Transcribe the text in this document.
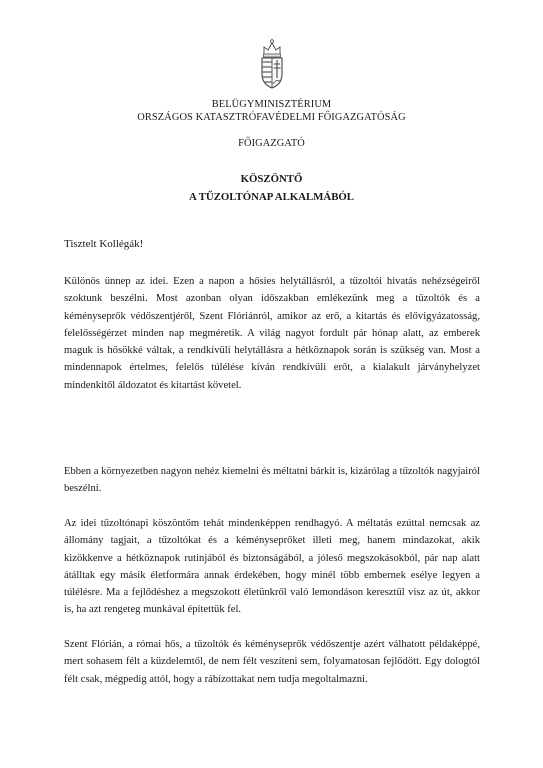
BELÜGYMINISZTÉRIUM
ORSZÁGOS KATASZTRÓFAVÉDELMI FŐIGAZGATÓSÁG
FŐIGAZGATÓ
KÖSZÖNTŐ
A TŰZOLTÓNAP ALKALMÁBÓL
Tisztelt Kollégák!

Különös ünnep az idei. Ezen a napon a hősies helytállásról, a tűzoltói hivatás nehézségeiről szoktunk beszélni. Most azonban olyan időszakban emlékezünk meg a tűzoltók és a kéményseprők védőszentjéről, Szent Flóriánról, amikor az erő, a kitartás és elővigyázatosság, felelősségérzet minden nap megméretik. A világ nagyot fordult pár hónap alatt, az emberek maguk is hősökké váltak, a rendkívüli helytállásra a hétköznapok során is szükség van. Most a mindennapok értelmes, felelős túlélése kíván rendkívüli erőt, a kialakult járványhelyzet mindenkitől áldozatot és kitartást követel.

Ebben a környezetben nagyon nehéz kiemelni és méltatni bárkit is, kizárólag a tűzoltók nagyjairól beszélni.

Az idei tűzoltónapi köszöntőm tehát mindenképpen rendhagyó. A méltatás ezúttal nemcsak az állomány tagjait, a tűzoltókat és a kéményseprőket illeti meg, hanem mindazokat, akik kizökkenve a hétköznapok rutinjából és biztonságából, a jóleső megszokásokból, pár nap alatt átálltak egy másik életformára annak érdekében, hogy minél több embernek esélye legyen a túlélésre. Ma a fejlődéshez a megszokott életünkről való lemondáson keresztül visz az út, akkor is, ha azt rengeteg munkával építettük fel.

Szent Flórián, a római hős, a tűzoltók és kéményseprők védőszentje azért válhatott példaképpé, mert sohasem félt a küzdelemtől, de nem félt veszíteni sem, folyamatosan fejlődött. Egy dologtól félt csak, mégpedig attól, hogy a rábízottakat nem tudja megoltalmazni.
